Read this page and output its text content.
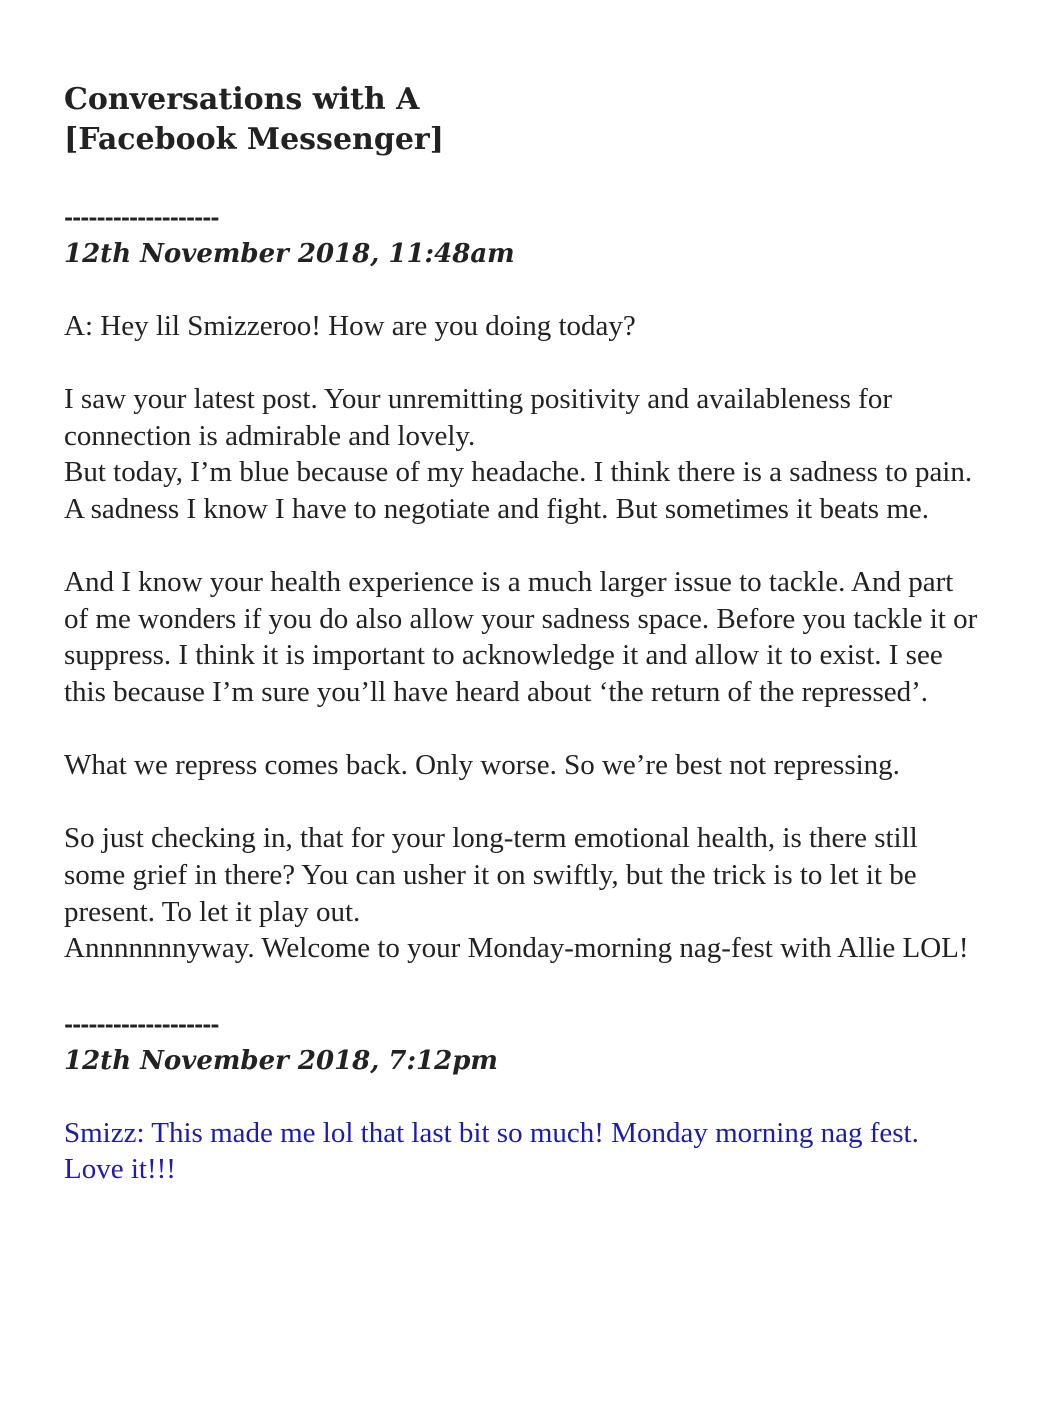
Conversations with A
[Facebook Messenger]
-------------------
12th November 2018, 11:48am

A: Hey lil Smizzeroo! How are you doing today?

I saw your latest post. Your unremitting positivity and availableness for connection is admirable and lovely.
But today, I’m blue because of my headache. I think there is a sadness to pain. A sadness I know I have to negotiate and fight. But sometimes it beats me.

And I know your health experience is a much larger issue to tackle. And part of me wonders if you do also allow your sadness space. Before you tackle it or suppress. I think it is important to acknowledge it and allow it to exist. I see this because I’m sure you’ll have heard about ‘the return of the repressed’.

What we repress comes back. Only worse. So we’re best not repressing.

So just checking in, that for your long-term emotional health, is there still some grief in there? You can usher it on swiftly, but the trick is to let it be present. To let it play out.
Annnnnnnyway. Welcome to your Monday-morning nag-fest with Allie LOL!

-------------------
12th November 2018, 7:12pm

Smizz: This made me lol that last bit so much! Monday morning nag fest. Love it!!!
